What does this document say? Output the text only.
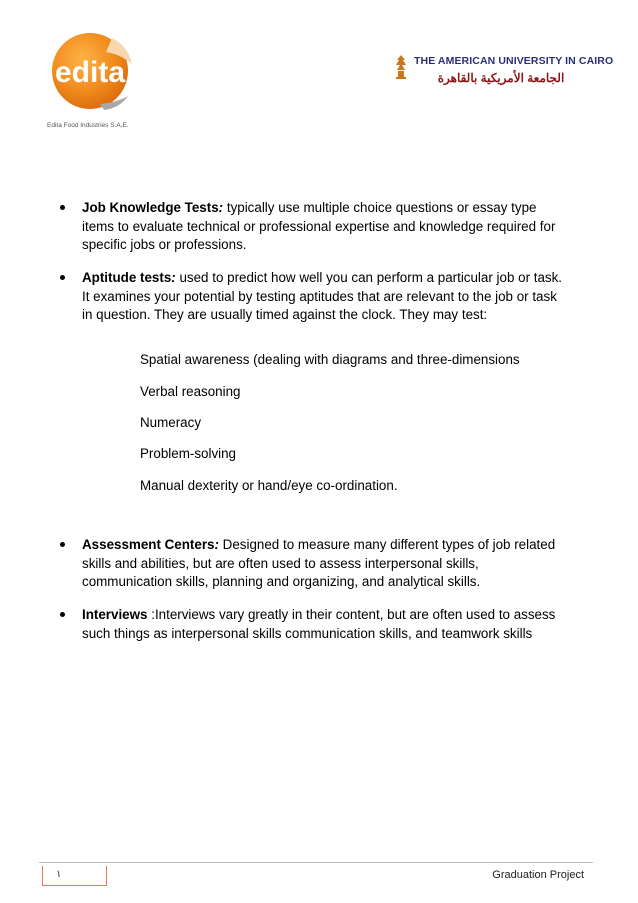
edita
Edita Food Industries S.A.E.
THE AMERICAN UNIVERSITY IN CAIRO
الجامعة الأمريكية بالقاهرة
Job Knowledge Tests: typically use multiple choice questions or essay type items to evaluate technical or professional expertise and knowledge required for specific jobs or professions.
Aptitude tests: used to predict how well you can perform a particular job or task. It examines your potential by testing aptitudes that are relevant to the job or task in question. They are usually timed against the clock. They may test:
Spatial awareness (dealing with diagrams and three-dimensions
Verbal reasoning
Numeracy
Problem-solving
Manual dexterity or hand/eye co-ordination.
Assessment Centers: Designed to measure many different types of job related skills and abilities, but are often used to assess interpersonal skills, communication skills, planning and organizing, and analytical skills.
Interviews :Interviews vary greatly in their content, but are often used to assess such things as interpersonal skills communication skills, and teamwork skills
١	Graduation Project
